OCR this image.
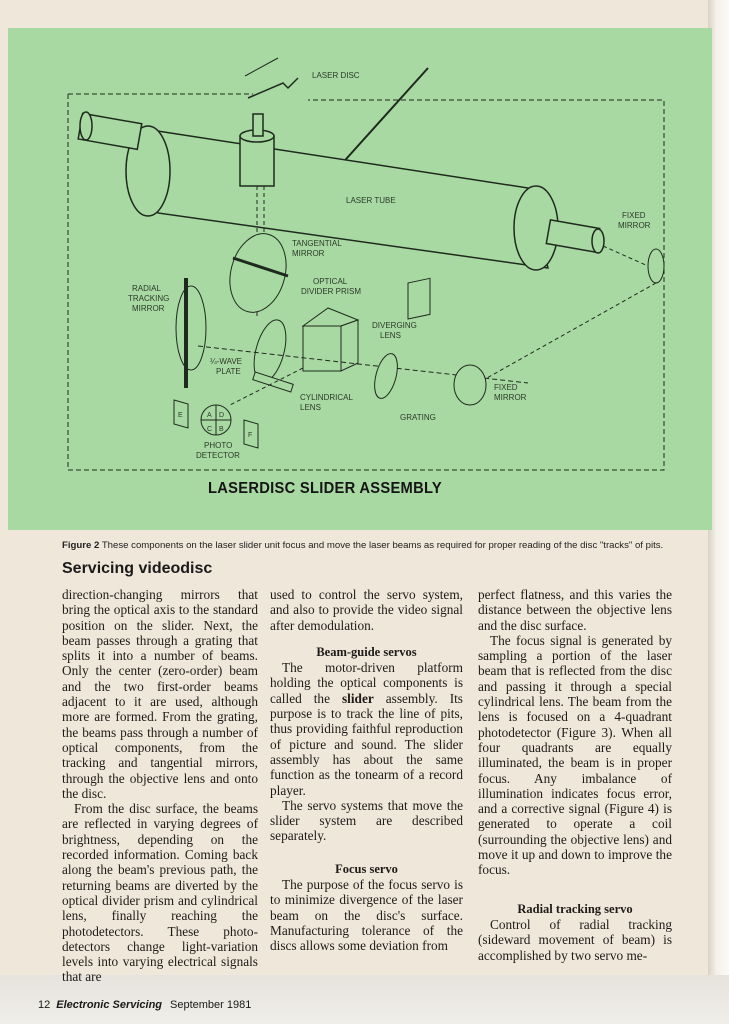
LASER DISC
LASER TUBE
FIXED
MIRROR
TANGENTIAL
MIRROR
RADIAL
TRACKING
MIRROR
OPTICAL
DIVIDER PRISM
DIVERGING
LENS
¼-WAVE
PLATE
CYLINDRICAL
LENS
GRATING
FIXED
MIRROR
PHOTO
DETECTOR
A D
C B
E
F
LASERDISC SLIDER ASSEMBLY
Figure 2 These components on the laser slider unit focus and move the laser beams as required for proper reading of the disc "tracks" of pits.
Servicing videodisc

direction-changing mirrors that bring the optical axis to the standard position on the slider. Next, the beam passes through a grating that splits it into a number of beams. Only the center (zero-order) beam and the two first-order beams adjacent to it are used, although more are formed. From the grating, the beams pass through a number of optical components, from the tracking and tangential mirrors, through the objective lens and onto the disc.

From the disc surface, the beams are reflected in varying degrees of brightness, depending on the recorded information. Coming back along the beam's previous path, the returning beams are diverted by the optical divider prism and cylindrical lens, finally reaching the photodetectors. These photo-detectors change light-variation levels into varying electrical signals that are

used to control the servo system, and also to provide the video signal after demodulation.

Beam-guide servos

The motor-driven platform holding the optical components is called the slider assembly. Its purpose is to track the line of pits, thus providing faithful reproduction of picture and sound. The slider assembly has about the same function as the tonearm of a record player.

The servo systems that move the slider system are described separately.

Focus servo

The purpose of the focus servo is to minimize divergence of the laser beam on the disc's surface. Manufacturing tolerance of the discs allows some deviation from

perfect flatness, and this varies the distance between the objective lens and the disc surface.

The focus signal is generated by sampling a portion of the laser beam that is reflected from the disc and passing it through a special cylindrical lens. The beam from the lens is focused on a 4-quadrant photodetector (Figure 3). When all four quadrants are equally illuminated, the beam is in proper focus. Any imbalance of illumination indicates focus error, and a corrective signal (Figure 4) is generated to operate a coil (surrounding the objective lens) and move it up and down to improve the focus.

Radial tracking servo

Control of radial tracking (sideward movement of beam) is accomplished by two servo me-

12 Electronic Servicing September 1981
